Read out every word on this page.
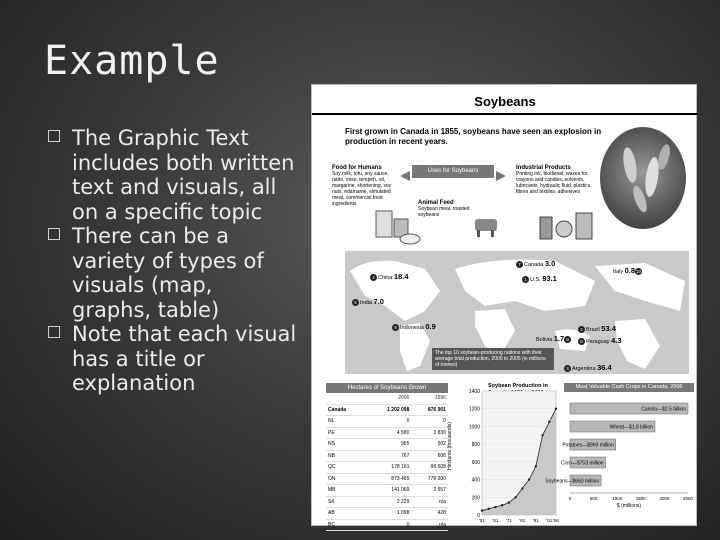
Example
The Graphic Text includes both written text and visuals, all on a specific topic
There can be a variety of types of visuals (map, graphs, table)
Note that each visual has a title or explanation
Soybeans
First grown in Canada in 1855, soybeans have seen an explosion in production in recent years.
Uses for Soybeans
Food for Humans
Soy milk, tofu, soy sauce, natto, miso, tempeh, oil, margarine, shortening, soy nuts, edamame, simulated meat, commercial food ingredients
Industrial Products
Printing ink, biodiesel, waxes for crayons and candles, solvents, lubricants, hydraulic fluid, plastics, fibres and textiles, adhesives
Animal Feed
Soybean meal, roasted soybeans
4 China 18.4
5 India 7.0
9 Indonesia 0.9
7 Canada 3.0
1 U.S. 93.1
Italy 0.810
2 Brazil 53.4
6 Paraguay 4.3
Bolivia 1.7 8
3 Argentina 36.4
The top 10 soybean-producing nations with their average total production, 2000 to 2005 (in millions of tonnes)
Hectares of Soybeans Grown
2006	1996
Canada	1 202 098	876 901
NL	0	0
PE	4 580	2 830
NS	965	502
NB	767	606
QC	178 161	96 608
ON	873 465	776 200
MB	141 069	2 557
SK	2 229	n/a
AB	1 098	428
BC	0	n/a
Soybean Production in
Hectares (thousands)
1400
1200
1000
800
600
400
200
0
'51 '61 '71 '81 '91 '01 '06
Most Valuable Cash Crops in Canada, 2006
Canola—$2.5 billion
Wheat—$1.8 billion
Potatoes—$969 million
Corn—$753 million
Soybeans—$660 million
0	500	1000	1500	2000	2500
$ (millions)
